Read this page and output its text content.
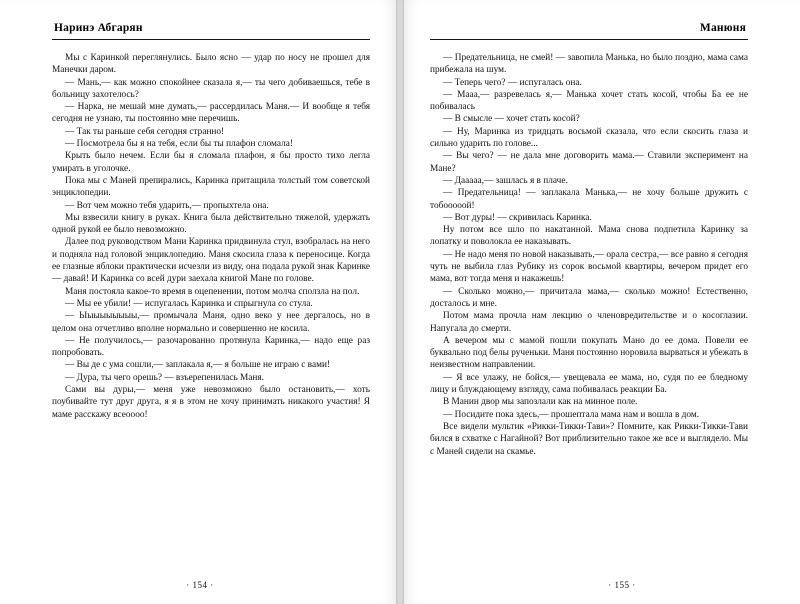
Наринэ Абгарян

Мы с Каринкой переглянулись. Было ясно — удар по носу не прошел для Манечки даром.

— Мань,— как можно спокойнее сказала я,— ты чего добиваешься, тебе в больницу захотелось?

— Нарка, не мешай мне думать,— рассердилась Маня.— И вообще я тебя сегодня не узнаю, ты постоянно мне перечишь.

— Так ты раньше себя сегодня странно!

— Посмотрела бы я на тебя, если бы ты плафон сломала!

Крыть было нечем. Если бы я сломала плафон, я бы просто тихо легла умирать в уголочке.

Пока мы с Маней препирались, Каринка притащила толстый том советской энциклопедии.

— Вот чем можно тебя ударить,— пропыхтела она.

Мы взвесили книгу в руках. Книга была действительно тяжелой, удержать одной рукой ее было невозможно.

Далее под руководством Мани Каринка придвинула стул, взобралась на него и подняла над головой энциклопедию. Маня скосила глаза к переносице. Когда ее глазные яблоки практически исчезли из виду, она подала рукой знак Каринке — давай! И Каринка со всей дури заехала книгой Мане по голове.

Маня постояла какое-то время в оцепенении, потом молча сползла на пол.

— Мы ее убили! — испугалась Каринка и спрыгнула со стула.

— Ыыыыыыыыы,— промычала Маня, одно веко у нее дергалось, но в целом она отчетливо вполне нормально и совершенно не косила.

— Не получилось,— разочарованно протянула Каринка,— надо еще раз попробовать.

— Вы де с ума сошли,— заплакала я,— я больше не играю с вами!

— Дура, ты чего орешь? — взъерепенилась Маня.

Сами вы дуры,— меня уже невозможно было остановить,— хоть поубивайте тут друг друга, я я в этом не хочу принимать никакого участия! Я маме расскажу всеоооо!

· 154 ·
Манюня

— Предательница, не смей! — завопила Манька, но было поздно, мама сама прибежала на шум.

— Теперь чего? — испугалась она.

— Мааа,— разревелась я,— Манька хочет стать косой, чтобы Ба ее не побивалась

— В смысле — хочет стать косой?

— Ну, Маринка из тридцать восьмой сказала, что если скосить глаза и сильно ударить по голове...

— Вы чего? — не дала мне договорить мама.— Ставили эксперимент на Мане?

— Дааааа,— зашлась я в плаче.

— Предательница! — заплакала Манька,— не хочу больше дружить с тобооооой!

— Вот дуры! — скривилась Каринка.

Ну потом все шло по накатанной. Мама снова подпетила Каринку за лопатку и поволокла ее наказывать.

— Не надо меня по новой наказывать,— орала сестра,— все равно я сегодня чуть не выбила глаз Рубику из сорок восьмой квартиры, вечером придет его мама, вот тогда меня и накажешь!

— Сколько можно,— причитала мама,— сколько можно! Естественно, досталось и мне.

Потом мама прочла нам лекцию о членовредительстве и о косоглазии. Напугала до смерти.

А вечером мы с мамой пошли покупать Мано до ее дома. Повели ее буквально под белы рученьки. Маня постоянно норовила вырваться и убежать в неизвестном направлении.

— Я все улажу, не бойся,— увещевала ее мама, но, судя по ее бледному лицу и блуждающему взгляду, сама побивалась реакции Ба.

В Манин двор мы запозлали как на минное поле.

— Посидите пока здесь,— прошептала мама нам и вошла в дом.

Все видели мультик «Рикки-Тикки-Тави»? Помните, как Рикки-Тикки-Тави бился в схватке с Нагайной? Вот приблизительно такое же все и выглядело. Мы с Маней сидели на скамье.

· 155 ·
